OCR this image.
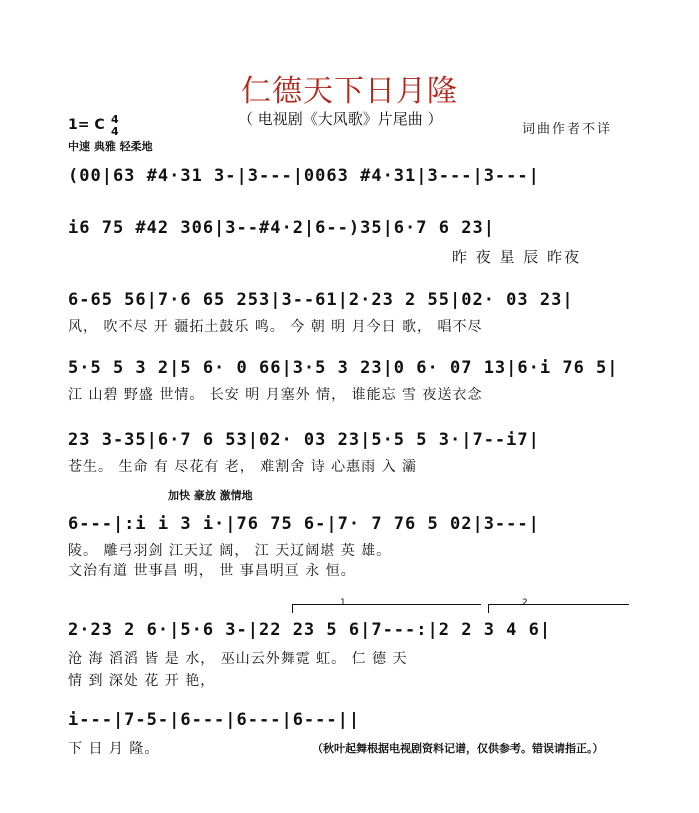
仁德天下日月隆
（ 电视剧《大风歌》片尾曲 ）
词曲作者不详
1= C 4
4
中速 典雅 轻柔地
加快 豪放 激情地
(00|63 #4·31 3-|3---|0063 #4·31|3---|3---|
i6 75 #42 306|3--#4·2|6--)35|6·7 6 23|
昨 夜 星 辰 昨夜
6-65 56|7·6 65 253|3--61|2·23 2 55|02· 03 23|
风， 吹不尽 开 疆拓土鼓乐 鸣。 今 朝 明 月今日 歌， 唱不尽
5·5 5 3 2|5 6· 0 66|3·5 3 23|0 6· 07 13|6·i 76 5|
江 山碧 野盛 世情。 长安 明 月塞外 情， 谁能忘 雪 夜送衣念
23 3-35|6·7 6 53|02· 03 23|5·5 5 3·|7--i7|
苍生。 生命 有 尽花有 老， 难割舍 诗 心惠雨 入 灞
6---|:i i 3 i·|76 75 6-|7· 7 76 5 02|3---|
陵。 雕弓羽剑 江天辽 阔， 江 天辽阔堪 英 雄。
文治有道 世事昌 明， 世 事昌明亘 永 恒。
1	2
2·23 2 6·|5·6 3-|22 23 5 6|7---:|2 2 3 4 6|
沧 海 滔滔 皆 是 水， 巫山云外舞霓 虹。 仁 德 天
情 到 深处 花 开 艳，
i---|7-5-|6---|6---|6---||
下 日 月 隆。	（秋叶起舞根据电视剧资料记谱，仅供参考。错误请指正。）
